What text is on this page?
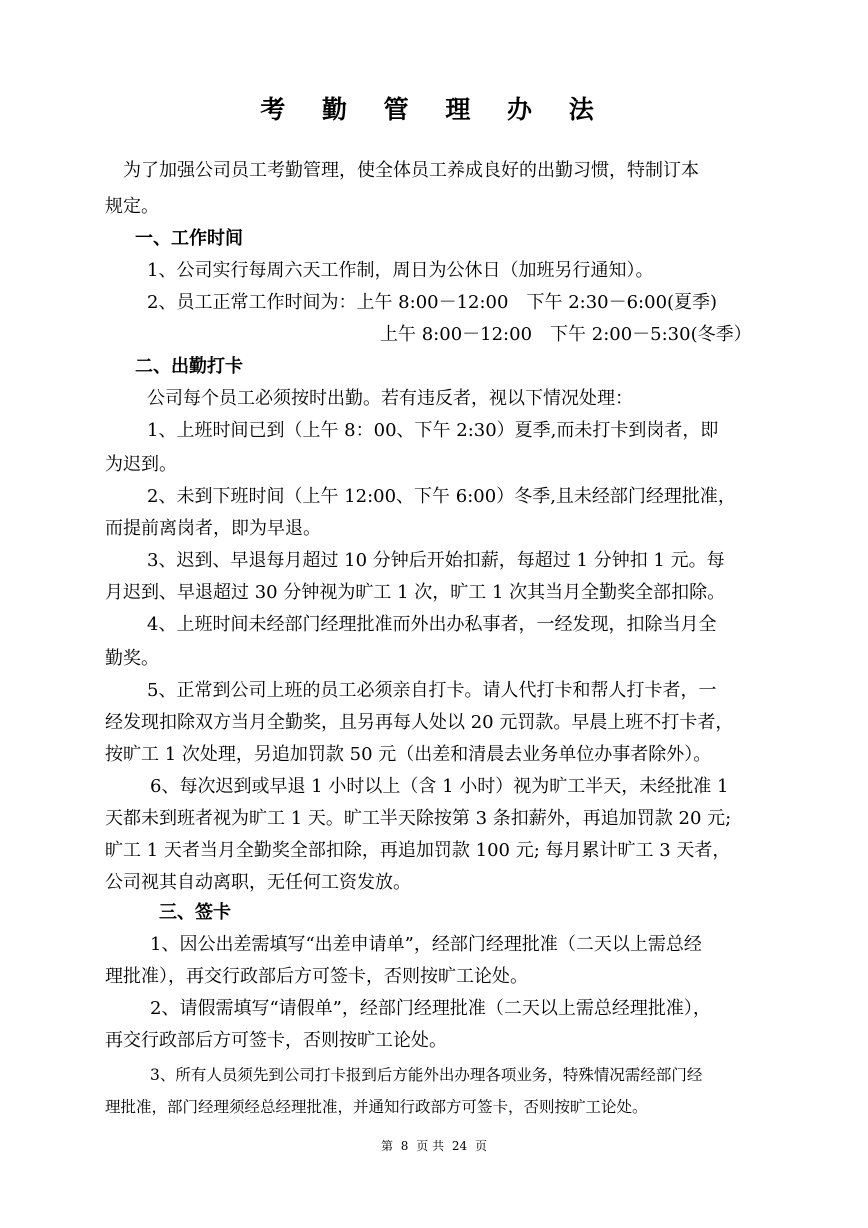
考 勤 管 理 办 法
为了加强公司员工考勤管理，使全体员工养成良好的出勤习惯，特制订本
规定。
一、工作时间
1、公司实行每周六天工作制，周日为公休日（加班另行通知）。
2、员工正常工作时间为：上午 8:00－12:00　下午 2:30－6:00(夏季)
上午 8:00－12:00　下午 2:00－5:30(冬季）
二、出勤打卡
公司每个员工必须按时出勤。若有违反者，视以下情况处理：
1、上班时间已到（上午 8：00、下午 2:30）夏季,而未打卡到岗者，即
为迟到。
2、未到下班时间（上午 12:00、下午 6:00）冬季,且未经部门经理批准，
而提前离岗者，即为早退。
3、迟到、早退每月超过 10 分钟后开始扣薪，每超过 1 分钟扣 1 元。每
月迟到、早退超过 30 分钟视为旷工 1 次，旷工 1 次其当月全勤奖全部扣除。
4、上班时间未经部门经理批准而外出办私事者，一经发现，扣除当月全
勤奖。
5、正常到公司上班的员工必须亲自打卡。请人代打卡和帮人打卡者，一
经发现扣除双方当月全勤奖，且另再每人处以 20 元罚款。早晨上班不打卡者，
按旷工 1 次处理，另追加罚款 50 元（出差和清晨去业务单位办事者除外）。
6、每次迟到或早退 1 小时以上（含 1 小时）视为旷工半天，未经批准 1
天都未到班者视为旷工 1 天。旷工半天除按第 3 条扣薪外，再追加罚款 20 元;
旷工 1 天者当月全勤奖全部扣除，再追加罚款 100 元; 每月累计旷工 3 天者，
公司视其自动离职，无任何工资发放。
三、签卡
1、因公出差需填写“出差申请单”，经部门经理批准（二天以上需总经
理批准），再交行政部后方可签卡，否则按旷工论处。
2、请假需填写“请假单”，经部门经理批准（二天以上需总经理批准），
再交行政部后方可签卡，否则按旷工论处。
3、所有人员须先到公司打卡报到后方能外出办理各项业务，特殊情况需经部门经
理批准，部门经理须经总经理批准，并通知行政部方可签卡，否则按旷工论处。
第 8 页 共 24 页
